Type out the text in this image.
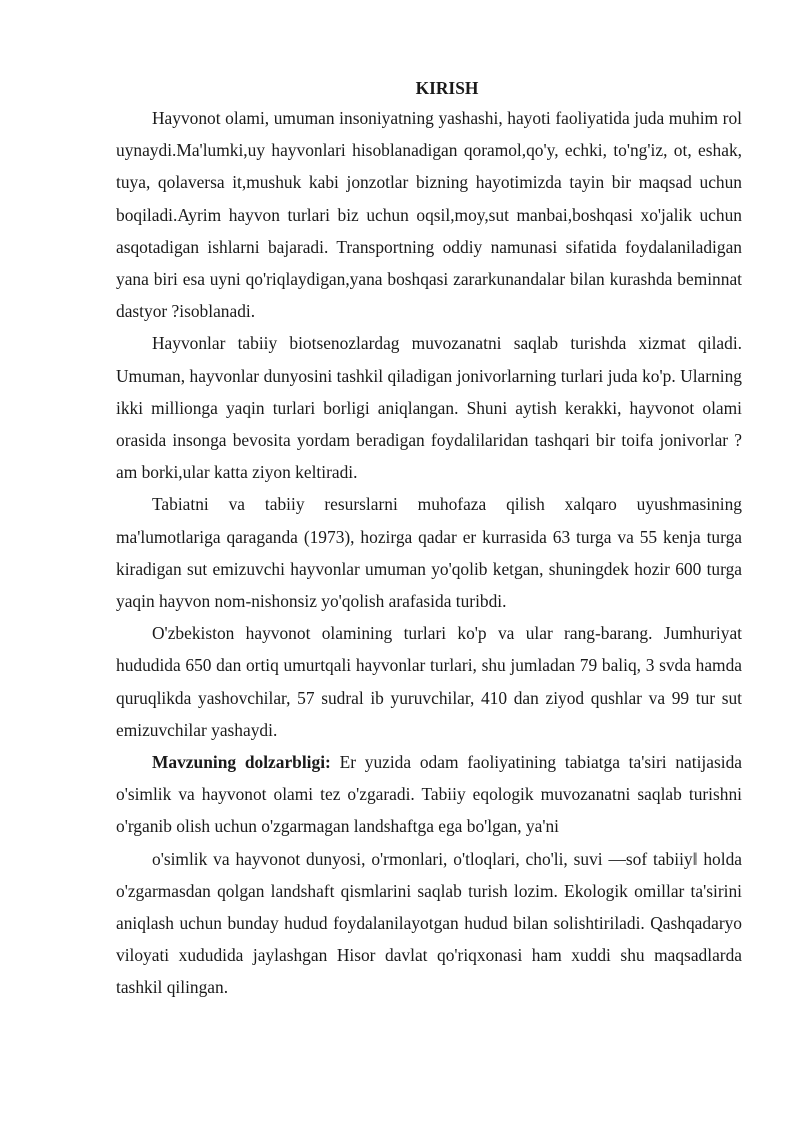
KIRISH

Hayvonot olami, umuman insoniyatning yashashi, hayoti faoliyatida juda muhim rol uynaydi.Ma'lumki,uy hayvonlari hisoblanadigan qoramol,qo'y, echki, to'ng'iz, ot, eshak, tuya, qolaversa it,mushuk kabi jonzotlar bizning hayotimizda tayin bir maqsad uchun boqiladi.Ayrim hayvon turlari biz uchun oqsil,moy,sut manbai,boshqasi xo'jalik uchun asqotadigan ishlarni bajaradi. Transportning oddiy namunasi sifatida foydalaniladigan yana biri esa uyni qo'riqlaydigan,yana boshqasi zararkunandalar bilan kurashda beminnat dastyor ?isoblanadi.

Hayvonlar tabiiy biotsenozlardag muvozanatni saqlab turishda xizmat qiladi. Umuman, hayvonlar dunyosini tashkil qiladigan jonivorlarning turlari juda ko'p. Ularning ikki millionga yaqin turlari borligi aniqlangan. Shuni aytish kerakki, hayvonot olami orasida insonga bevosita yordam beradigan foydalilaridan tashqari bir toifa jonivorlar ?am borki,ular katta ziyon keltiradi.

Tabiatni va tabiiy resurslarni muhofaza qilish xalqaro uyushmasining ma'lumotlariga qaraganda (1973), hozirga qadar er kurrasida 63 turga va 55 kenja turga kiradigan sut emizuvchi hayvonlar umuman yo'qolib ketgan, shuningdek hozir 600 turga yaqin hayvon nom-nishonsiz yo'qolish arafasida turibdi.

O'zbekiston hayvonot olamining turlari ko'p va ular rang-barang. Jumhuriyat hududida 650 dan ortiq umurtqali hayvonlar turlari, shu jumladan 79 baliq, 3 svda hamda quruqlikda yashovchilar, 57 sudral ib yuruvchilar, 410 dan ziyod qushlar va 99 tur sut emizuvchilar yashaydi.

Mavzuning dolzarbligi: Er yuzida odam faoliyatining tabiatga ta'siri natijasida o'simlik va hayvonot olami tez o'zgaradi. Tabiiy eqologik muvozanatni saqlab turishni o'rganib olish uchun o'zgarmagan landshaftga ega bo'lgan, ya'ni

o'simlik va hayvonot dunyosi, o'rmonlari, o'tloqlari, cho'li, suvi —sof tabiiy‖ holda o'zgarmasdan qolgan landshaft qismlarini saqlab turish lozim. Ekologik omillar ta'sirini aniqlash uchun bunday hudud foydalanilayotgan hudud bilan solishtiriladi. Qashqadaryo viloyati xududida jaylashgan Hisor davlat qo'riqxonasi ham xuddi shu maqsadlarda tashkil qilingan.
